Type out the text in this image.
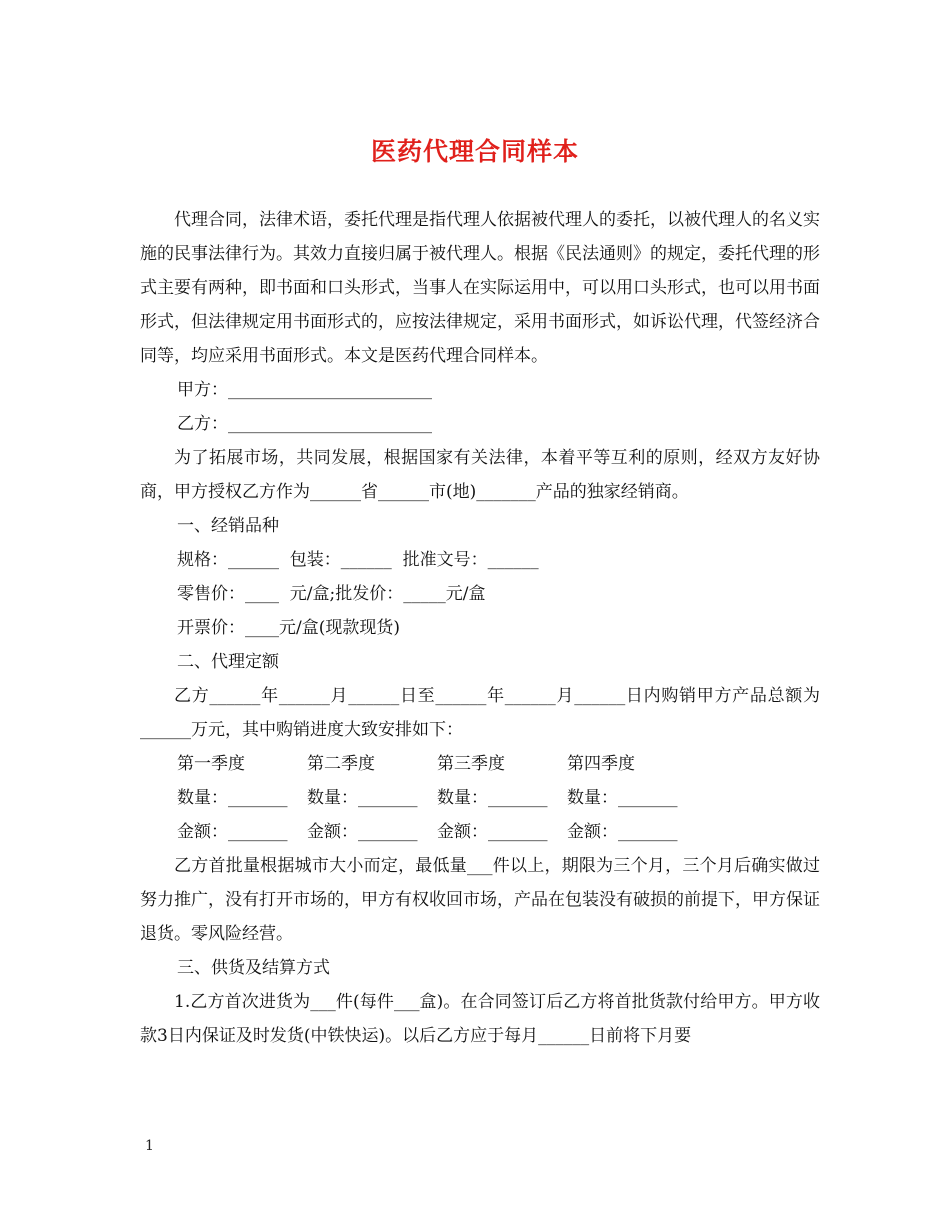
医药代理合同样本

代理合同，法律术语，委托代理是指代理人依据被代理人的委托，以被代理人的名义实施的民事法律行为。其效力直接归属于被代理人。根据《民法通则》的规定，委托代理的形式主要有两种，即书面和口头形式，当事人在实际运用中，可以用口头形式，也可以用书面形式，但法律规定用书面形式的，应按法律规定，采用书面形式，如诉讼代理，代签经济合同等，均应采用书面形式。本文是医药代理合同样本。

甲方：________________________

乙方：________________________

为了拓展市场，共同发展，根据国家有关法律，本着平等互利的原则，经双方友好协商，甲方授权乙方作为______省______市(地)_______产品的独家经销商。

一、经销品种

规格：______  包装：______  批准文号：______

零售价：____  元/盒;批发价：_____元/盒

开票价：____元/盒(现款现货)

二、代理定额

乙方______年______月______日至______年______月______日内购销甲方产品总额为______万元，其中购销进度大致安排如下：

第一季度	第二季度	第三季度	第四季度
数量：_______	数量：_______	数量：_______	数量：_______
金额：_______	金额：_______	金额：_______	金额：_______

乙方首批量根据城市大小而定，最低量___件以上，期限为三个月，三个月后确实做过努力推广，没有打开市场的，甲方有权收回市场，产品在包装没有破损的前提下，甲方保证退货。零风险经营。

三、供货及结算方式

1.乙方首次进货为___件(每件___盒)。在合同签订后乙方将首批货款付给甲方。甲方收款3日内保证及时发货(中铁快运)。以后乙方应于每月______日前将下月要

1
